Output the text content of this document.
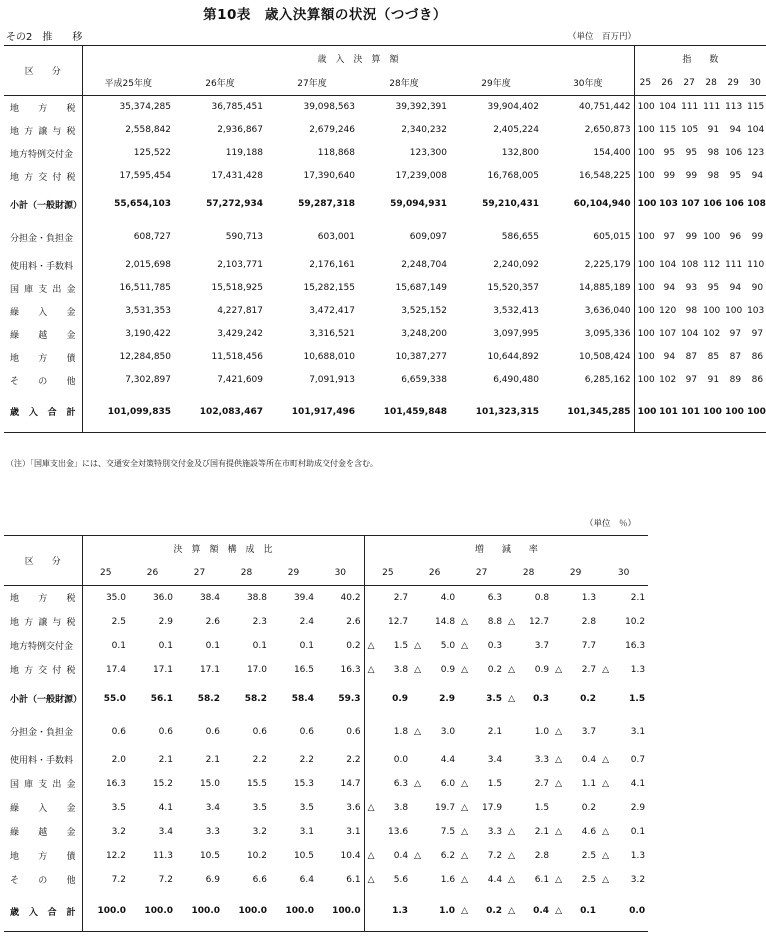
第10表　歳入決算額の状況（つづき）
その2　推　　移	（単位　百万円）
区　　分	歳　入　決　算　額						指　　数					
	平成25年度	26年度	27年度	28年度	29年度	30年度	25	26	27	28	29	30
地方税	35,374,285	36,785,451	39,098,563	39,392,391	39,904,402	40,751,442	100	104	111	111	113	115
地方譲与税	2,558,842	2,936,867	2,679,246	2,340,232	2,405,224	2,650,873	100	115	105	91	94	104
地方特例交付金	125,522	119,188	118,868	123,300	132,800	154,400	100	95	95	98	106	123
地方交付税	17,595,454	17,431,428	17,390,640	17,239,008	16,768,005	16,548,225	100	99	99	98	95	94
小計（一般財源）	55,654,103	57,272,934	59,287,318	59,094,931	59,210,431	60,104,940	100	103	107	106	106	108
分担金・負担金	608,727	590,713	603,001	609,097	586,655	605,015	100	97	99	100	96	99
使用料・手数料	2,015,698	2,103,771	2,176,161	2,248,704	2,240,092	2,225,179	100	104	108	112	111	110
国庫支出金	16,511,785	15,518,925	15,282,155	15,687,149	15,520,357	14,885,189	100	94	93	95	94	90
繰入金	3,531,353	4,227,817	3,472,417	3,525,152	3,532,413	3,636,040	100	120	98	100	100	103
繰越金	3,190,422	3,429,242	3,316,521	3,248,200	3,097,995	3,095,336	100	107	104	102	97	97
地方債	12,284,850	11,518,456	10,688,010	10,387,277	10,644,892	10,508,424	100	94	87	85	87	86
その他	7,302,897	7,421,609	7,091,913	6,659,338	6,490,480	6,285,162	100	102	97	91	89	86
歳入合計	101,099,835	102,083,467	101,917,496	101,459,848	101,323,315	101,345,285	100	101	101	100	100	100
（注）「国庫支出金」には、交通安全対策特別交付金及び国有提供施設等所在市町村助成交付金を含む。
（単位　％）
区　　分	決　算　額　構　成　比						増　　減　　率					
	25	26	27	28	29	30	25	26	27	28	29	30
地方税	35.0	36.0	38.4	38.8	39.4	40.2	2.7	4.0	6.3	0.8	1.3	2.1
地方譲与税	2.5	2.9	2.6	2.3	2.4	2.6	12.7	14.8	△ 8.8	△ 12.7	2.8	10.2
地方特例交付金	0.1	0.1	0.1	0.1	0.1	0.2	△ 1.5	△ 5.0	△ 0.3	3.7	7.7	16.3
地方交付税	17.4	17.1	17.1	17.0	16.5	16.3	△ 3.8	△ 0.9	△ 0.2	△ 0.9	△ 2.7	△ 1.3

小計（一般財源）	55.0	56.1	58.2	58.2	58.4	59.3	0.9	2.9	3.5	△ 0.3	0.2	1.5
分担金・負担金	0.6	0.6	0.6	0.6	0.6	0.6	1.8	△ 3.0	2.1	1.0	△ 3.7	3.1
使用料・手数料	2.0	2.1	2.1	2.2	2.2	2.2	0.0	4.4	3.4	3.3	△ 0.4	△ 0.7

国庫支出金	16.3	15.2	15.0	15.5	15.3	14.7	6.3	△ 6.0	△ 1.5	2.7	△ 1.1	△ 4.1

繰入金	3.5	4.1	3.4	3.5	3.5	3.6	△ 3.8	19.7	△ 17.9	1.5	0.2	2.9
繰越金	3.2	3.4	3.3	3.2	3.1	3.1	13.6	7.5	△ 3.3	△ 2.1	△ 4.6	△ 0.1

地方債	12.2	11.3	10.5	10.2	10.5	10.4	△ 0.4	△ 6.2	△ 7.2	△ 2.8	2.5	△ 1.3

その他	7.2	7.2	6.9	6.6	6.4	6.1	△ 5.6	1.6	△ 4.4	△ 6.1	△ 2.5	△ 3.2

歳入合計	100.0	100.0	100.0	100.0	100.0	100.0	1.3	1.0	△ 0.2	△ 0.4	△ 0.1	0.0
